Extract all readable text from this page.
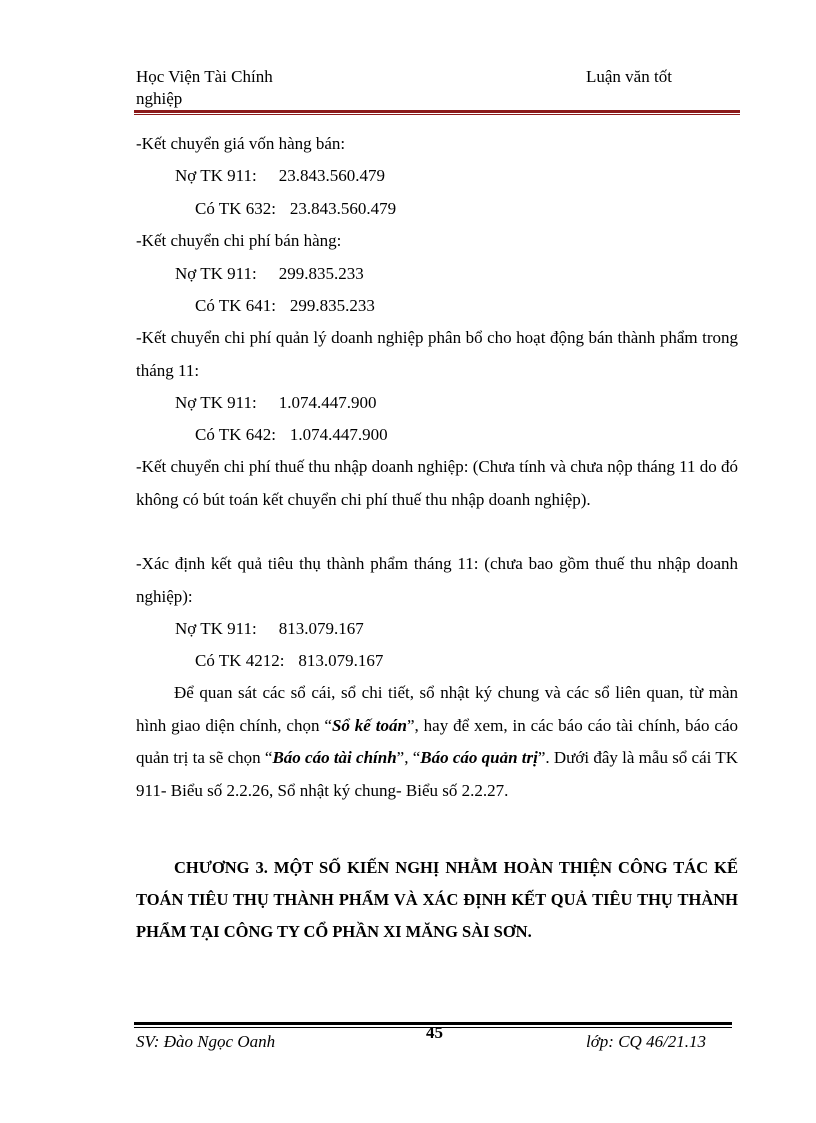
Học Viện Tài Chính
nghiệp
Luận văn tốt
-Kết chuyển giá vốn hàng bán:
Nợ TK 911: 23.843.560.479
Có TK 632: 23.843.560.479
-Kết chuyển chi phí bán hàng:
Nợ TK 911: 299.835.233
Có TK 641: 299.835.233
-Kết chuyển chi phí quản lý doanh nghiệp phân bổ cho hoạt động bán thành phẩm trong tháng 11:
Nợ TK 911: 1.074.447.900
Có TK 642: 1.074.447.900
-Kết chuyển chi phí thuế thu nhập doanh nghiệp: (Chưa tính và chưa nộp tháng 11 do đó không có bút toán kết chuyển chi phí thuế thu nhập doanh nghiệp).
-Xác định kết quả tiêu thụ thành phẩm tháng 11: (chưa bao gồm thuế thu nhập doanh nghiệp):
Nợ TK 911: 813.079.167
Có TK 4212: 813.079.167
Để quan sát các sổ cái, sổ chi tiết, sổ nhật ký chung và các sổ liên quan, từ màn hình giao diện chính, chọn “Sổ kế toán”, hay để xem, in các báo cáo tài chính, báo cáo quản trị ta sẽ chọn “Báo cáo tài chính”, “Báo cáo quản trị”. Dưới đây là mẫu sổ cái TK 911- Biểu số 2.2.26, Sổ nhật ký chung- Biểu số 2.2.27.
CHƯƠNG 3. MỘT SỐ KIẾN NGHỊ NHẰM HOÀN THIỆN CÔNG TÁC KẾ TOÁN TIÊU THỤ THÀNH PHẨM VÀ XÁC ĐỊNH KẾT QUẢ TIÊU THỤ THÀNH PHẨM TẠI CÔNG TY CỔ PHẦN XI MĂNG SÀI SƠN.
SV: Đào Ngọc Oanh	45	lớp: CQ 46/21.13
